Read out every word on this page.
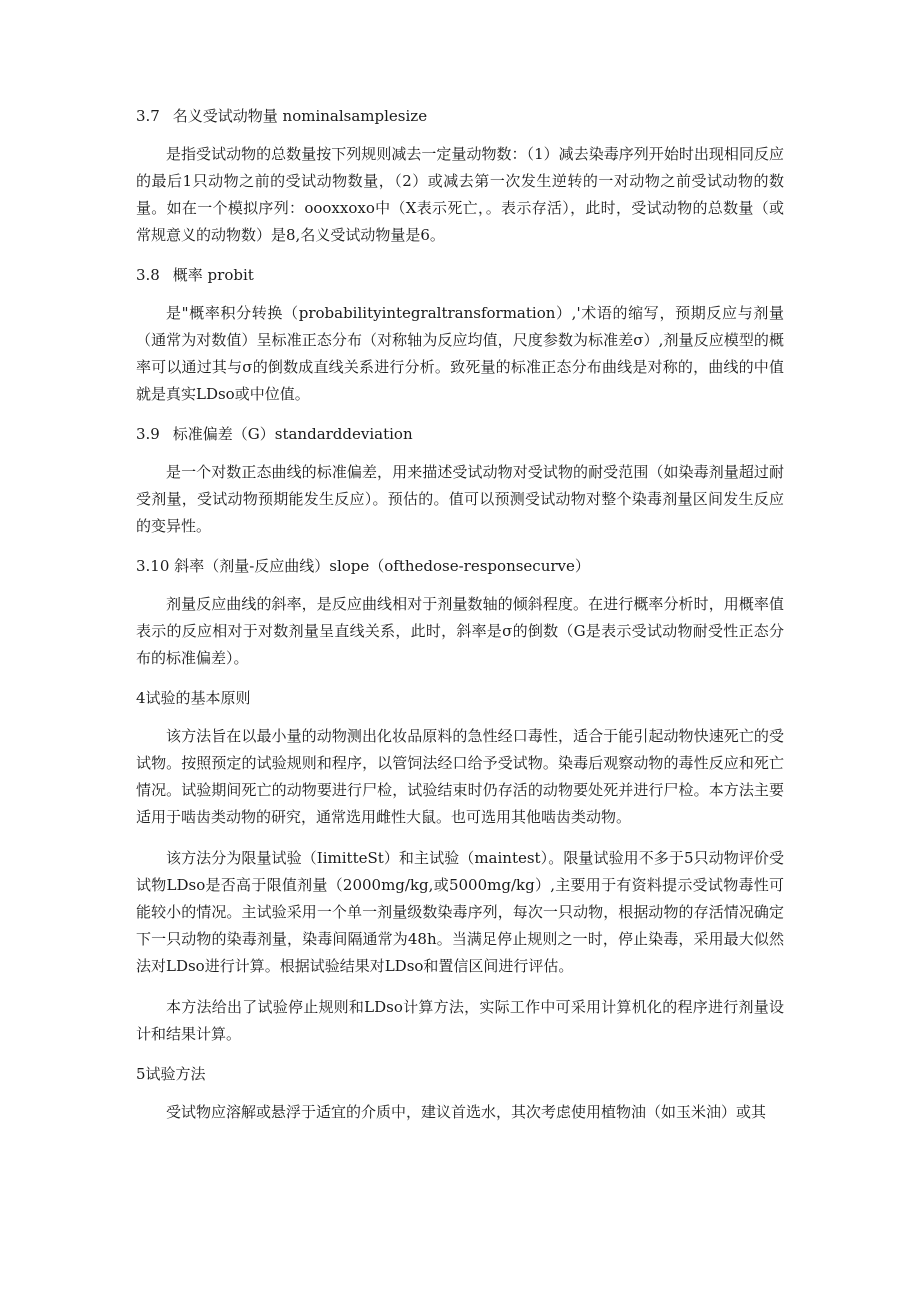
3.7 名义受试动物量 nominalsamplesize

是指受试动物的总数量按下列规则减去一定量动物数：（1）减去染毒序列开始时出现相同反应的最后1只动物之前的受试动物数量，（2）或减去第一次发生逆转的一对动物之前受试动物的数量。如在一个模拟序列：oooxxoxo中（X表示死亡，。表示存活），此时，受试动物的总数量（或常规意义的动物数）是8,名义受试动物量是6。

3.8 概率 probit

是"概率积分转换（probabilityintegraltransformation）,'术语的缩写，预期反应与剂量（通常为对数值）呈标准正态分布（对称轴为反应均值，尺度参数为标准差σ）,剂量反应模型的概率可以通过其与σ的倒数成直线关系进行分析。致死量的标准正态分布曲线是对称的，曲线的中值就是真实LDso或中位值。

3.9 标准偏差（G）standarddeviation

是一个对数正态曲线的标准偏差，用来描述受试动物对受试物的耐受范围（如染毒剂量超过耐受剂量，受试动物预期能发生反应）。预估的。值可以预测受试动物对整个染毒剂量区间发生反应的变异性。

3.10 斜率（剂量-反应曲线）slope（ofthedose-responsecurve）

剂量反应曲线的斜率，是反应曲线相对于剂量数轴的倾斜程度。在进行概率分析时，用概率值表示的反应相对于对数剂量呈直线关系，此时，斜率是σ的倒数（G是表示受试动物耐受性正态分布的标准偏差）。

4试验的基本原则

该方法旨在以最小量的动物测出化妆品原料的急性经口毒性，适合于能引起动物快速死亡的受试物。按照预定的试验规则和程序，以管饲法经口给予受试物。染毒后观察动物的毒性反应和死亡情况。试验期间死亡的动物要进行尸检，试验结束时仍存活的动物要处死并进行尸检。本方法主要适用于啮齿类动物的研究，通常选用雌性大鼠。也可选用其他啮齿类动物。

该方法分为限量试验（IimitteSt）和主试验（maintest）。限量试验用不多于5只动物评价受试物LDso是否高于限值剂量（2000mg/kg,或5000mg/kg）,主要用于有资料提示受试物毒性可能较小的情况。主试验采用一个单一剂量级数染毒序列，每次一只动物，根据动物的存活情况确定下一只动物的染毒剂量，染毒间隔通常为48h。当满足停止规则之一时，停止染毒，采用最大似然法对LDso进行计算。根据试验结果对LDso和置信区间进行评估。

本方法给出了试验停止规则和LDso计算方法，实际工作中可采用计算机化的程序进行剂量设计和结果计算。

5试验方法

受试物应溶解或悬浮于适宜的介质中，建议首选水，其次考虑使用植物油（如玉米油）或其
